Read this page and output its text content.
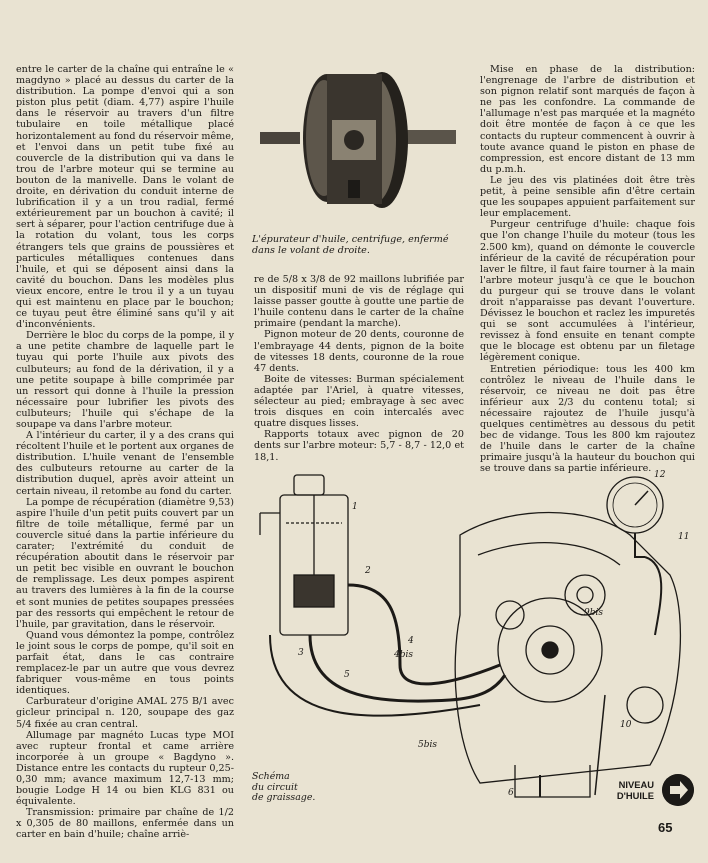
entre le carter de la chaîne qui entraîne le « magdyno » placé au dessus du carter de la distribution. La pompe d'envoi qui a son piston plus petit (diam. 4,77) aspire l'huile dans le réservoir au travers d'un filtre tubulaire en toile métallique placé horizontalement au fond du réservoir même, et l'envoi dans un petit tube fixé au couvercle de la distribution qui va dans le trou de l'arbre moteur qui se termine au bouton de la manivelle. Dans le volant de droite, en dérivation du conduit interne de lubrification il y a un trou radial, fermé extérieurement par un bouchon à cavité; il sert à séparer, pour l'action centrifuge due à la rotation du volant, tous les corps étrangers tels que grains de poussières et particules métalliques contenues dans l'huile, et qui se déposent ainsi dans la cavité du bouchon. Dans les modèles plus vieux encore, entre le trou il y a un tuyau qui est maintenu en place par le bouchon; ce tuyau peut être éliminé sans qu'il y ait d'inconvénients.

Derrière le bloc du corps de la pompe, il y a une petite chambre de laquelle part le tuyau qui porte l'huile aux pivots des culbuteurs; au fond de la dérivation, il y a une petite soupape à bille comprimée par un ressort qui donne à l'huile la pression nécessaire pour lubrifier les pivots des culbuteurs; l'huile qui s'échape de la soupape va dans l'arbre moteur.

A l'intérieur du carter, il y a des crans qui récoltent l'huile et le portent aux organes de distribution. L'huile venant de l'ensemble des culbuteurs retourne au carter de la distribution duquel, après avoir atteint un certain niveau, il retombe au fond du carter.

La pompe de récupération (diamètre 9,53) aspire l'huile d'un petit puits couvert par un filtre de toile métallique, fermé par un couvercle situé dans la partie inférieure du carater; l'extrémité du conduit de récupération aboutit dans le réservoir par un petit bec visible en ouvrant le bouchon de remplissage. Les deux pompes aspirent au travers des lumières à la fin de la course et sont munies de petites soupapes pressées par des ressorts qui empêchent le retour de l'huile, par gravitation, dans le réservoir.

Quand vous démontez la pompe, contrôlez le joint sous le corps de pompe, qu'il soit en parfait état, dans le cas contraire remplacez-le par un autre que vous devrez fabriquer vous-même en tous points identiques.

Carburateur d'origine AMAL 275 B/1 avec gicleur principal n. 120, soupape des gaz 5/4 fixée au cran central.

Allumage par magnéto Lucas type MOI avec rupteur frontal et came arrière incorporée à un groupe « Bagdyno ». Distance entre les contacts du rupteur 0,25-0,30 mm; avance maximum 12,7-13 mm; bougie Lodge H 14 ou bien KLG 831 ou équivalente.

Transmission: primaire par chaîne de 1/2 x 0,305 de 80 maillons, enfermée dans un carter en bain d'huile; chaîne arriè-

L'épurateur d'huile, centrifuge, enfermé dans le volant de droite.

re de 5/8 x 3/8 de 92 maillons lubrifiée par un dispositif muni de vis de réglage qui laisse passer goutte à goutte une partie de l'huile contenu dans le carter de la chaîne primaire (pendant la marche).

Pignon moteur de 20 dents, couronne de l'embrayage 44 dents, pignon de la boite de vitesses 18 dents, couronne de la roue 47 dents.

Boite de vitesses: Burman spécialement adaptée par l'Ariel, à quatre vitesses, sélecteur au pied; embrayage à sec avec trois disques en coin intercalés avec quatre disques lisses.

Rapports totaux avec pignon de 20 dents sur l'arbre moteur: 5,7 - 8,7 - 12,0 et 18,1.

Mise en phase de la distribution: l'engrenage de l'arbre de distribution et son pignon relatif sont marqués de façon à ne pas les confondre. La commande de l'allumage n'est pas marquée et la magnéto doit être montée de façon à ce que les contacts du rupteur commencent à ouvrir à toute avance quand le piston en phase de compression, est encore distant de 13 mm du p.m.h.

Le jeu des vis platinées doit être très petit, à peine sensible afin d'être certain que les soupapes appuient parfaitement sur leur emplacement.

Purgeur centrifuge d'huile: chaque fois que l'on change l'huile du moteur (tous les 2.500 km), quand on démonte le couvercle inférieur de la cavité de récupération pour laver le filtre, il faut faire tourner à la main l'arbre moteur jusqu'à ce que le bouchon du purgeur qui se trouve dans le volant droit n'apparaisse pas devant l'ouverture. Dévissez le bouchon et raclez les impuretés qui se sont accumulées à l'intérieur, revissez à fond ensuite en tenant compte que le blocage est obtenu par un filetage légèrement conique.

Entretien périodique: tous les 400 km contrôlez le niveau de l'huile dans le réservoir, ce niveau ne doit pas être inférieur aux 2/3 du contenu total; si nécessaire rajoutez de l'huile jusqu'à quelques centimètres au dessous du petit bec de vidange. Tous les 800 km rajoutez de l'huile dans le carter de la chaîne primaire jusqu'à la hauteur du bouchon qui se trouve dans sa partie inférieure.

1
2
3
4
4bis
5
5bis
6
9bis
10
11
12
Schéma
du circuit
de graissage.
NIVEAU
D'HUILE
65
